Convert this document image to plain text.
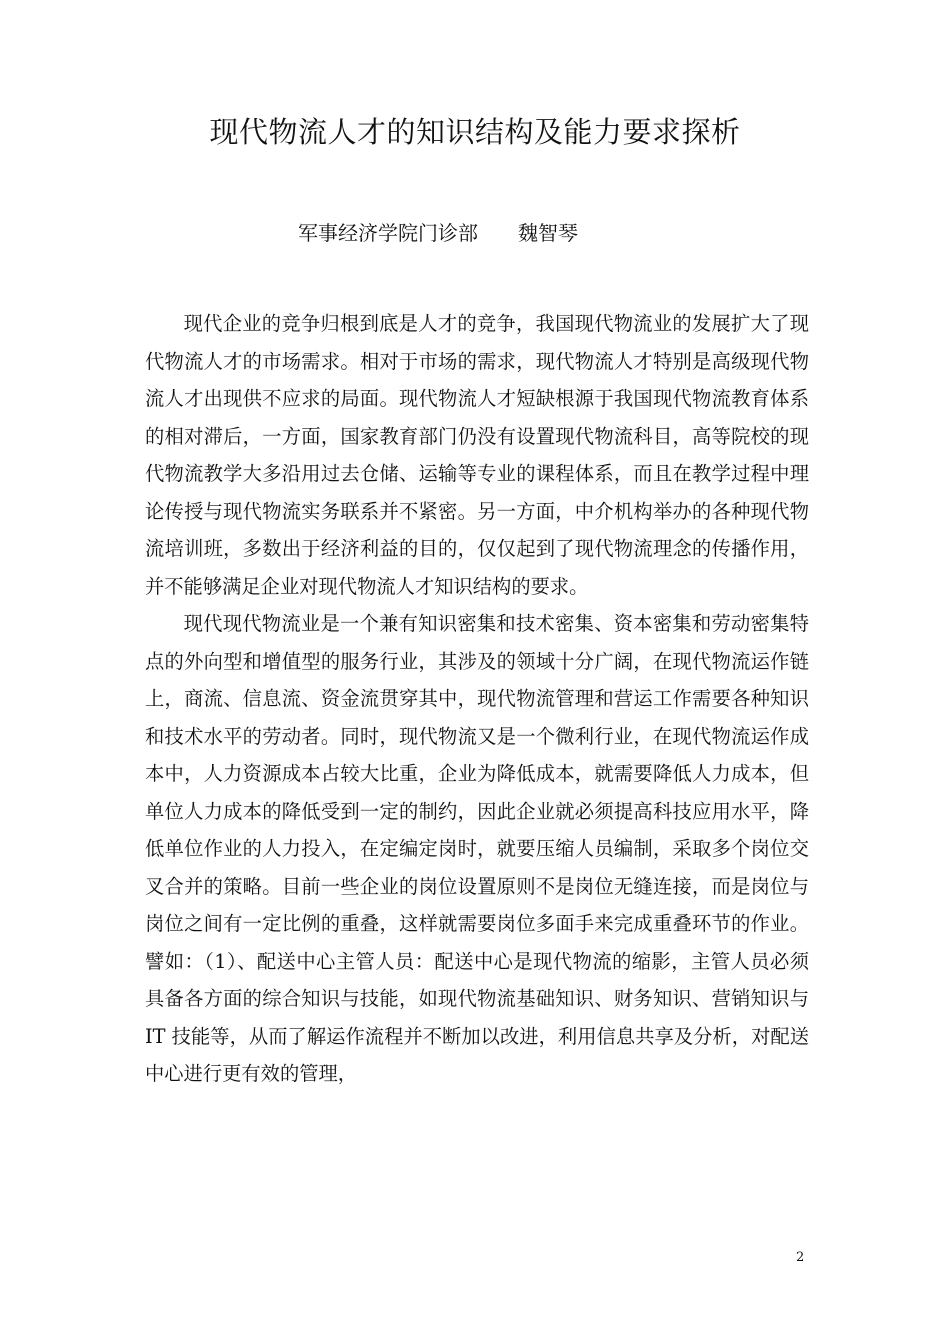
现代物流人才的知识结构及能力要求探析
军事经济学院门诊部 魏智琴

现代企业的竞争归根到底是人才的竞争，我国现代物流业的发展扩大了现代物流人才的市场需求。相对于市场的需求，现代物流人才特别是高级现代物流人才出现供不应求的局面。现代物流人才短缺根源于我国现代物流教育体系的相对滞后，一方面，国家教育部门仍没有设置现代物流科目，高等院校的现代物流教学大多沿用过去仓储、运输等专业的课程体系，而且在教学过程中理论传授与现代物流实务联系并不紧密。另一方面，中介机构举办的各种现代物流培训班，多数出于经济利益的目的，仅仅起到了现代物流理念的传播作用，并不能够满足企业对现代物流人才知识结构的要求。

现代现代物流业是一个兼有知识密集和技术密集、资本密集和劳动密集特点的外向型和增值型的服务行业，其涉及的领域十分广阔，在现代物流运作链上，商流、信息流、资金流贯穿其中，现代物流管理和营运工作需要各种知识和技术水平的劳动者。同时，现代物流又是一个微利行业，在现代物流运作成本中，人力资源成本占较大比重，企业为降低成本，就需要降低人力成本，但单位人力成本的降低受到一定的制约，因此企业就必须提高科技应用水平，降低单位作业的人力投入，在定编定岗时，就要压缩人员编制，采取多个岗位交叉合并的策略。目前一些企业的岗位设置原则不是岗位无缝连接，而是岗位与岗位之间有一定比例的重叠，这样就需要岗位多面手来完成重叠环节的作业。譬如：（1）、配送中心主管人员：配送中心是现代物流的缩影，主管人员必须具备各方面的综合知识与技能，如现代物流基础知识、财务知识、营销知识与 IT 技能等，从而了解运作流程并不断加以改进，利用信息共享及分析，对配送中心进行更有效的管理，

2
